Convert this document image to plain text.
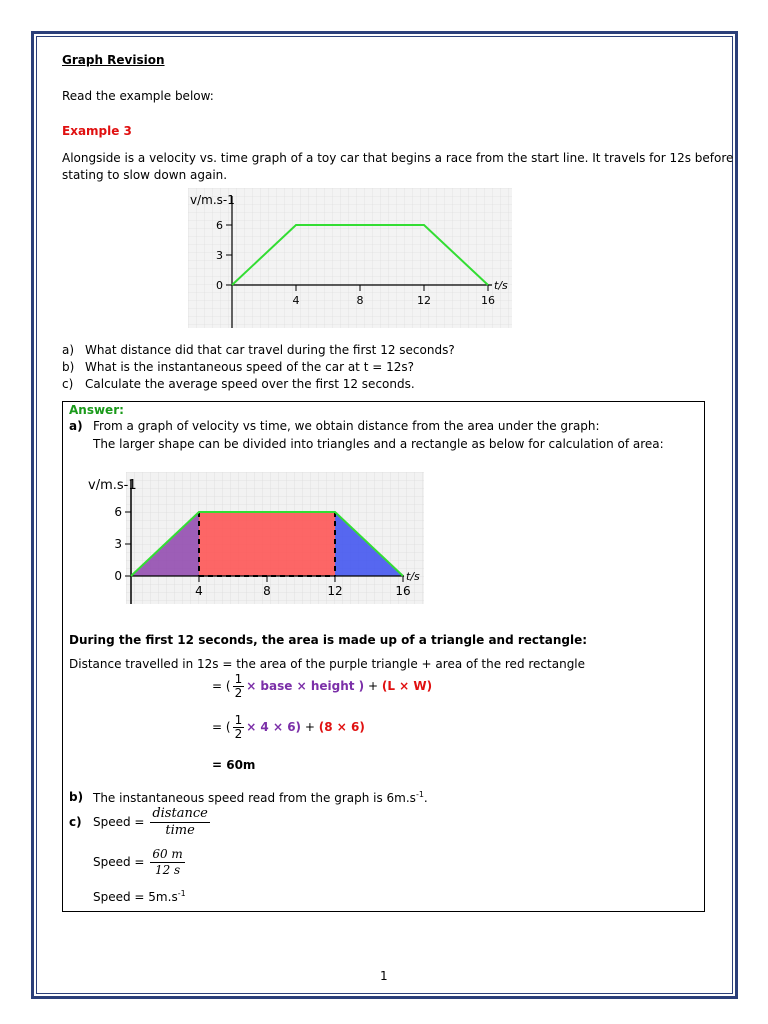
Graph Revision
Read the example below:
Example 3
Alongside is a velocity vs. time graph of a toy car that begins a race from the start line. It travels for 12s before
stating to slow down again.
v/m.s-1
t/s
0
3
6
4	8	12	16
a) What distance did that car travel during the first 12 seconds?
b) What is the instantaneous speed of the car at t = 12s?
c) Calculate the average speed over the first 12 seconds.
Answer:
a) From a graph of velocity vs time, we obtain distance from the area under the graph:
The larger shape can be divided into triangles and a rectangle as below for calculation of area:
v/m.s-1
t/s
0
3
6
4	8	12	16
During the first 12 seconds, the area is made up of a triangle and rectangle:
Distance travelled in 12s = the area of the purple triangle + area of the red rectangle
= ( $\frac{1}{2}$ × base × height ) + (L × W)
= ( $\frac{1}{2} \times 4 \times 6) + (8 \times 6)$
= 60m
b) The instantaneous speed read from the graph is $6m.s^{-1}$.
c) Speed = $\frac{\text{distance}}{\text{time}}$
Speed = $\frac{60 m}{12 s}$
Speed = $5m.s^{-1}$
1
